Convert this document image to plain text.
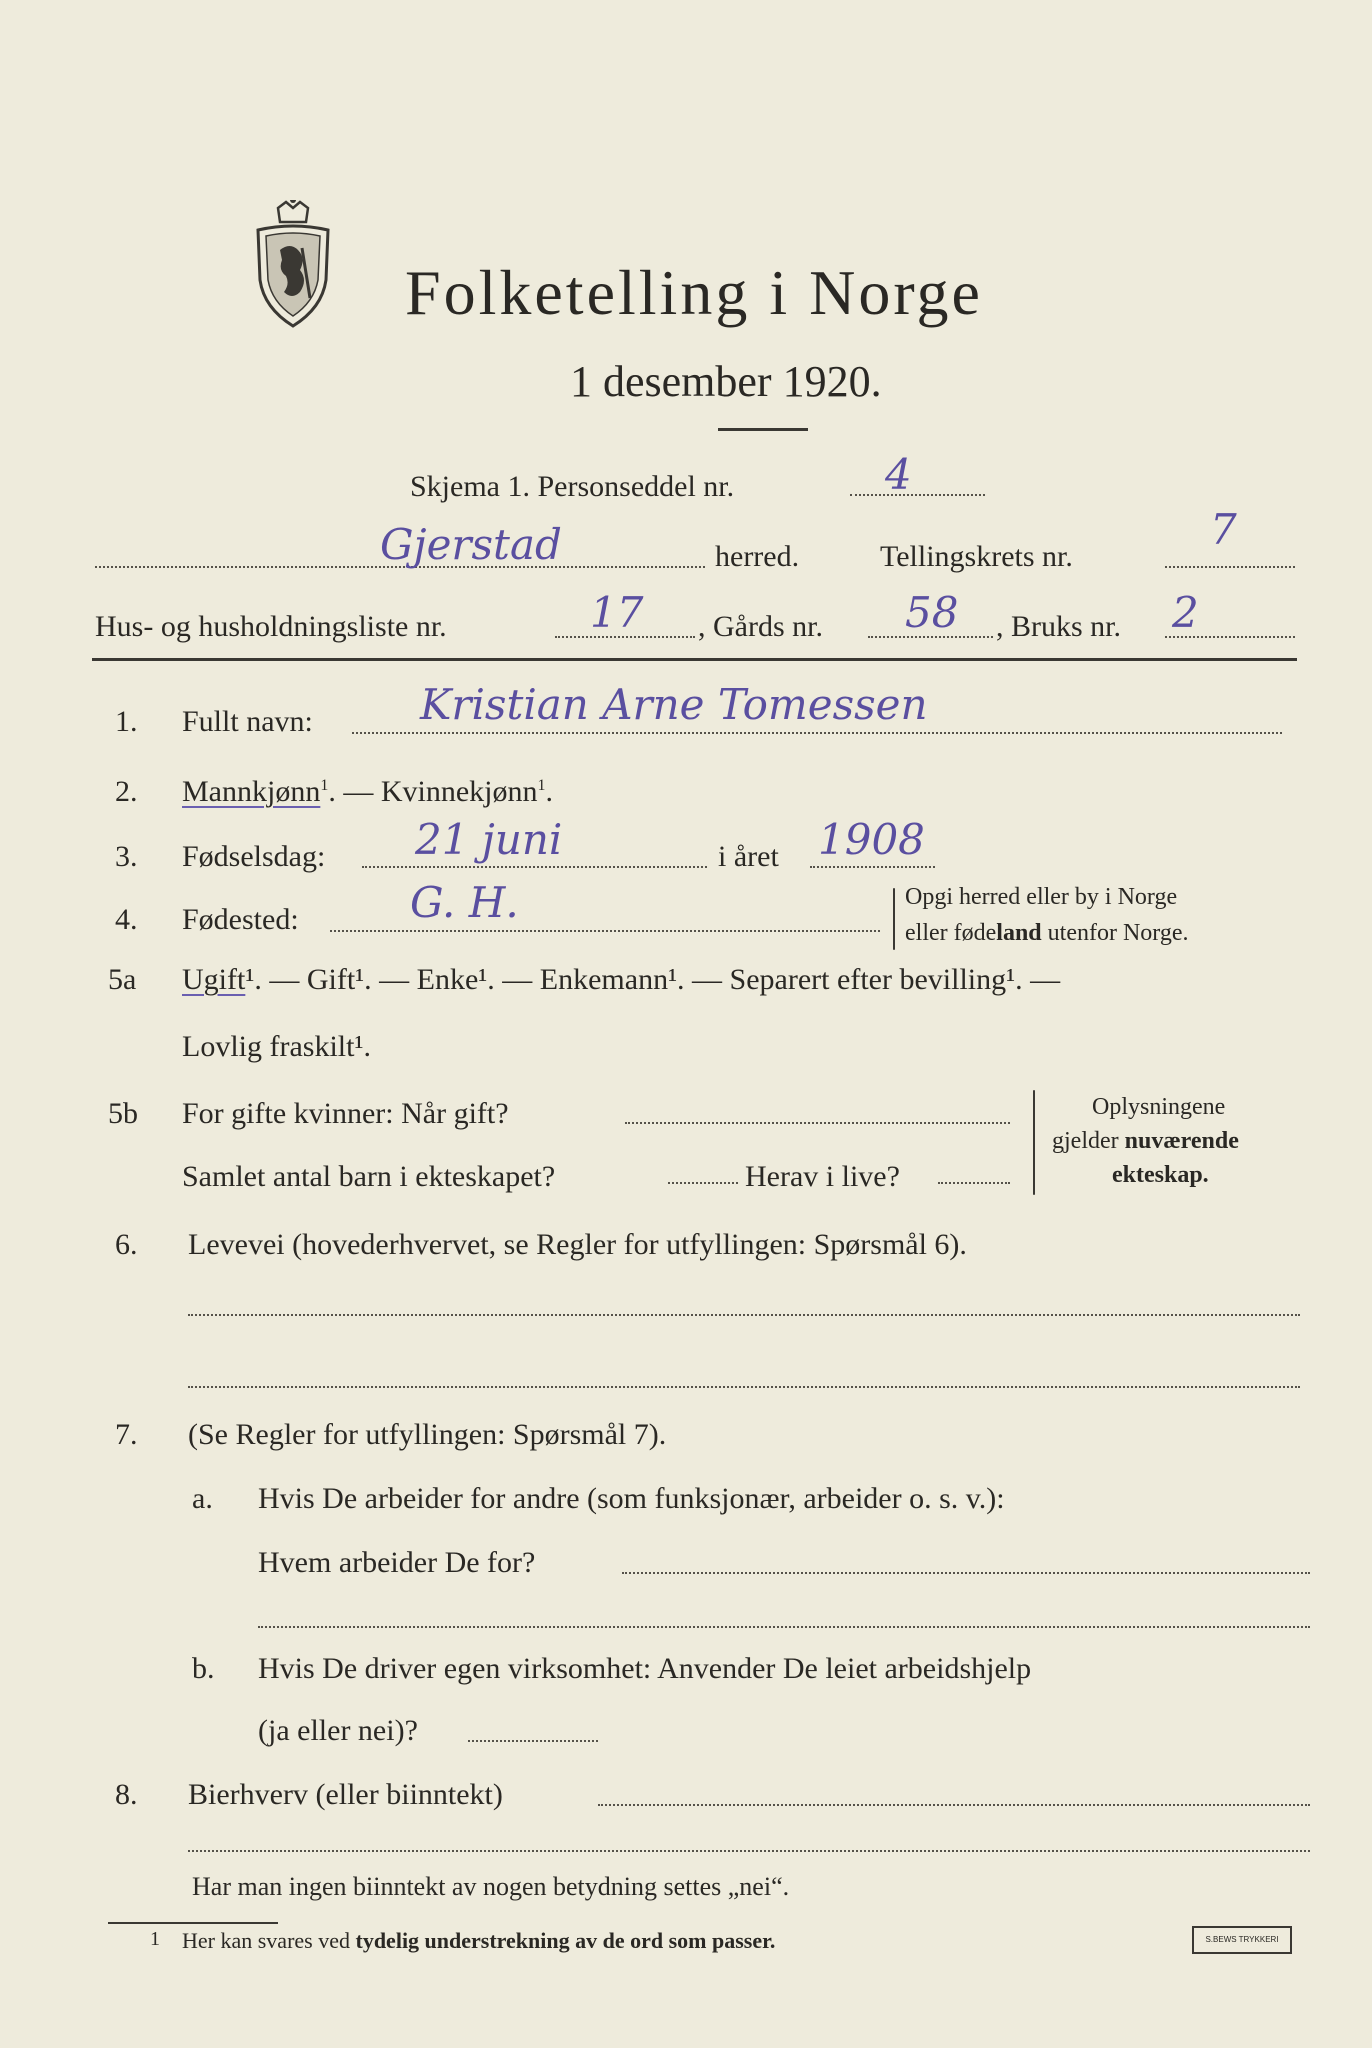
Folketelling i Norge
1 desember 1920.
Skjema 1. Personseddel nr.	4
Gjerstad	herred.	Tellingskrets nr.
7
Hus- og husholdningsliste nr.	17 , Gårds nr. 58 , Bruks nr. 2
1. Fullt navn:	Kristian Arne Tomessen
2. Mannkjønn$^1$. — Kvinnekjønn$^1$.
3. Fødselsdag: 21 juni	i året 1908
4. Fødested:	G. H.	Opgi herred eller by i Norge
eller fødeland utenfor Norge.
5a Ugift¹. — Gift¹. — Enke¹. — Enkemann¹. — Separert efter bevilling¹. —
Lovlig fraskilt¹.
5b For gifte kvinner: Når gift?
Samlet antal barn i ekteskapet?	Herav i live?
Oplysningene
gjelder nuværende
ekteskap.
6. Levevei (hovederhvervet, se Regler for utfyllingen: Spørsmål 6).
7. (Se Regler for utfyllingen: Spørsmål 7).
a. Hvis De arbeider for andre (som funksjonær, arbeider o. s. v.):
Hvem arbeider De for?
b. Hvis De driver egen virksomhet: Anvender De leiet arbeidshjelp
(ja eller nei)?
8. Bierhverv (eller biinntekt)
Har man ingen biinntekt av nogen betydning settes „nei“.
1 Her kan svares ved tydelig understrekning av de ord som passer.	S.BEWS TRYKKERI
